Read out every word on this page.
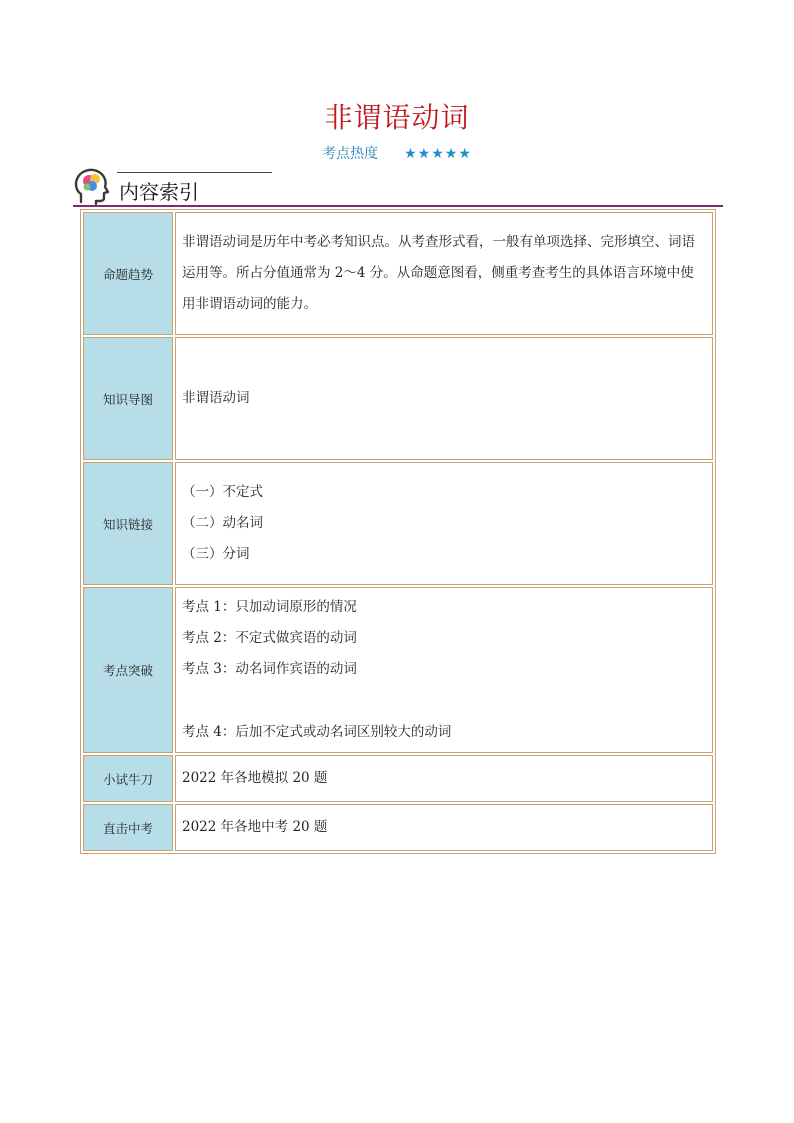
非谓语动词
考点热度 ★★★★★
内容索引
命题趋势	非谓语动词是历年中考必考知识点。从考查形式看，一般有单项选择、完形填空、词语
运用等。所占分值通常为 2～4 分。从命题意图看，侧重考查考生的具体语言环境中使
用非谓语动词的能力。

知识导图	非谓语动词

知识链接	（一）不定式
（二）动名词
（三）分词

考点突破	考点 1：只加动词原形的情况
考点 2：不定式做宾语的动词
考点 3：动名词作宾语的动词
考点 4：后加不定式或动名词区别较大的动词

小试牛刀	2022 年各地模拟 20 题

直击中考	2022 年各地中考 20 题
